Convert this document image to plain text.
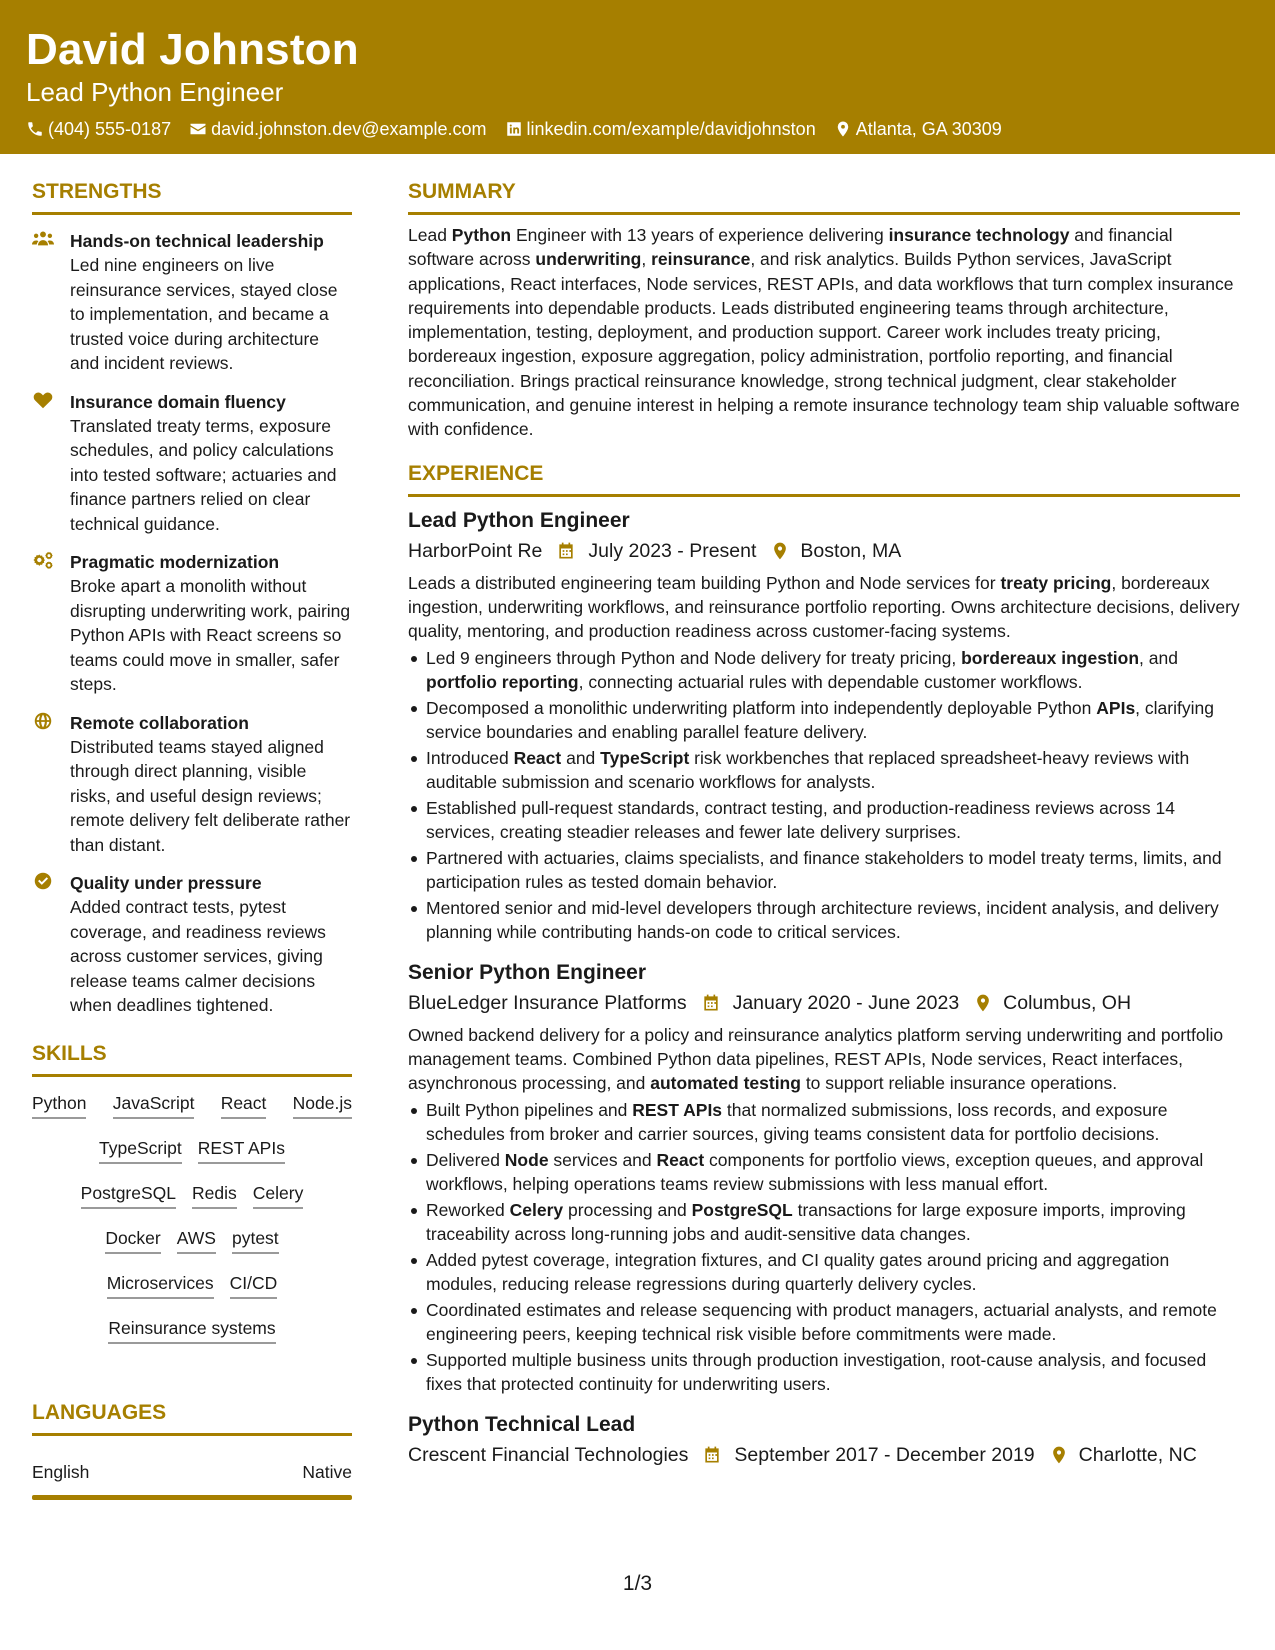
David Johnston
Lead Python Engineer
(404) 555-0187 david.johnston.dev@example.com linkedin.com/example/davidjohnston Atlanta, GA 30309
STRENGTHS
Hands-on technical leadership
Led nine engineers on live reinsurance services, stayed close to implementation, and became a trusted voice during architecture and incident reviews.
Insurance domain fluency
Translated treaty terms, exposure schedules, and policy calculations into tested software; actuaries and finance partners relied on clear technical guidance.
Pragmatic modernization
Broke apart a monolith without disrupting underwriting work, pairing Python APIs with React screens so teams could move in smaller, safer steps.
Remote collaboration
Distributed teams stayed aligned through direct planning, visible risks, and useful design reviews; remote delivery felt deliberate rather than distant.
Quality under pressure
Added contract tests, pytest coverage, and readiness reviews across customer services, giving release teams calmer decisions when deadlines tightened.
SKILLS
Python JavaScript React Node.js
TypeScript REST APIs
PostgreSQL Redis Celery
Docker AWS pytest
Microservices CI/CD
Reinsurance systems
LANGUAGES
English	Native
SUMMARY
Lead Python Engineer with 13 years of experience delivering insurance technology and financial software across underwriting, reinsurance, and risk analytics. Builds Python services, JavaScript applications, React interfaces, Node services, REST APIs, and data workflows that turn complex insurance requirements into dependable products. Leads distributed engineering teams through architecture, implementation, testing, deployment, and production support. Career work includes treaty pricing, bordereaux ingestion, exposure aggregation, policy administration, portfolio reporting, and financial reconciliation. Brings practical reinsurance knowledge, strong technical judgment, clear stakeholder communication, and genuine interest in helping a remote insurance technology team ship valuable software with confidence.
EXPERIENCE
Lead Python Engineer
HarborPoint Re July 2023 - Present Boston, MA
Leads a distributed engineering team building Python and Node services for treaty pricing, bordereaux ingestion, underwriting workflows, and reinsurance portfolio reporting. Owns architecture decisions, delivery quality, mentoring, and production readiness across customer-facing systems.
Led 9 engineers through Python and Node delivery for treaty pricing, bordereaux ingestion, and portfolio reporting, connecting actuarial rules with dependable customer workflows.
Decomposed a monolithic underwriting platform into independently deployable Python APIs, clarifying service boundaries and enabling parallel feature delivery.
Introduced React and TypeScript risk workbenches that replaced spreadsheet-heavy reviews with auditable submission and scenario workflows for analysts.
Established pull-request standards, contract testing, and production-readiness reviews across 14 services, creating steadier releases and fewer late delivery surprises.
Partnered with actuaries, claims specialists, and finance stakeholders to model treaty terms, limits, and participation rules as tested domain behavior.
Mentored senior and mid-level developers through architecture reviews, incident analysis, and delivery planning while contributing hands-on code to critical services.
Senior Python Engineer
BlueLedger Insurance Platforms January 2020 - June 2023 Columbus, OH
Owned backend delivery for a policy and reinsurance analytics platform serving underwriting and portfolio management teams. Combined Python data pipelines, REST APIs, Node services, React interfaces, asynchronous processing, and automated testing to support reliable insurance operations.
Built Python pipelines and REST APIs that normalized submissions, loss records, and exposure schedules from broker and carrier sources, giving teams consistent data for portfolio decisions.
Delivered Node services and React components for portfolio views, exception queues, and approval workflows, helping operations teams review submissions with less manual effort.
Reworked Celery processing and PostgreSQL transactions for large exposure imports, improving traceability across long-running jobs and audit-sensitive data changes.
Added pytest coverage, integration fixtures, and CI quality gates around pricing and aggregation modules, reducing release regressions during quarterly delivery cycles.
Coordinated estimates and release sequencing with product managers, actuarial analysts, and remote engineering peers, keeping technical risk visible before commitments were made.
Supported multiple business units through production investigation, root-cause analysis, and focused fixes that protected continuity for underwriting users.
Python Technical Lead
Crescent Financial Technologies September 2017 - December 2019 Charlotte, NC
1/3
